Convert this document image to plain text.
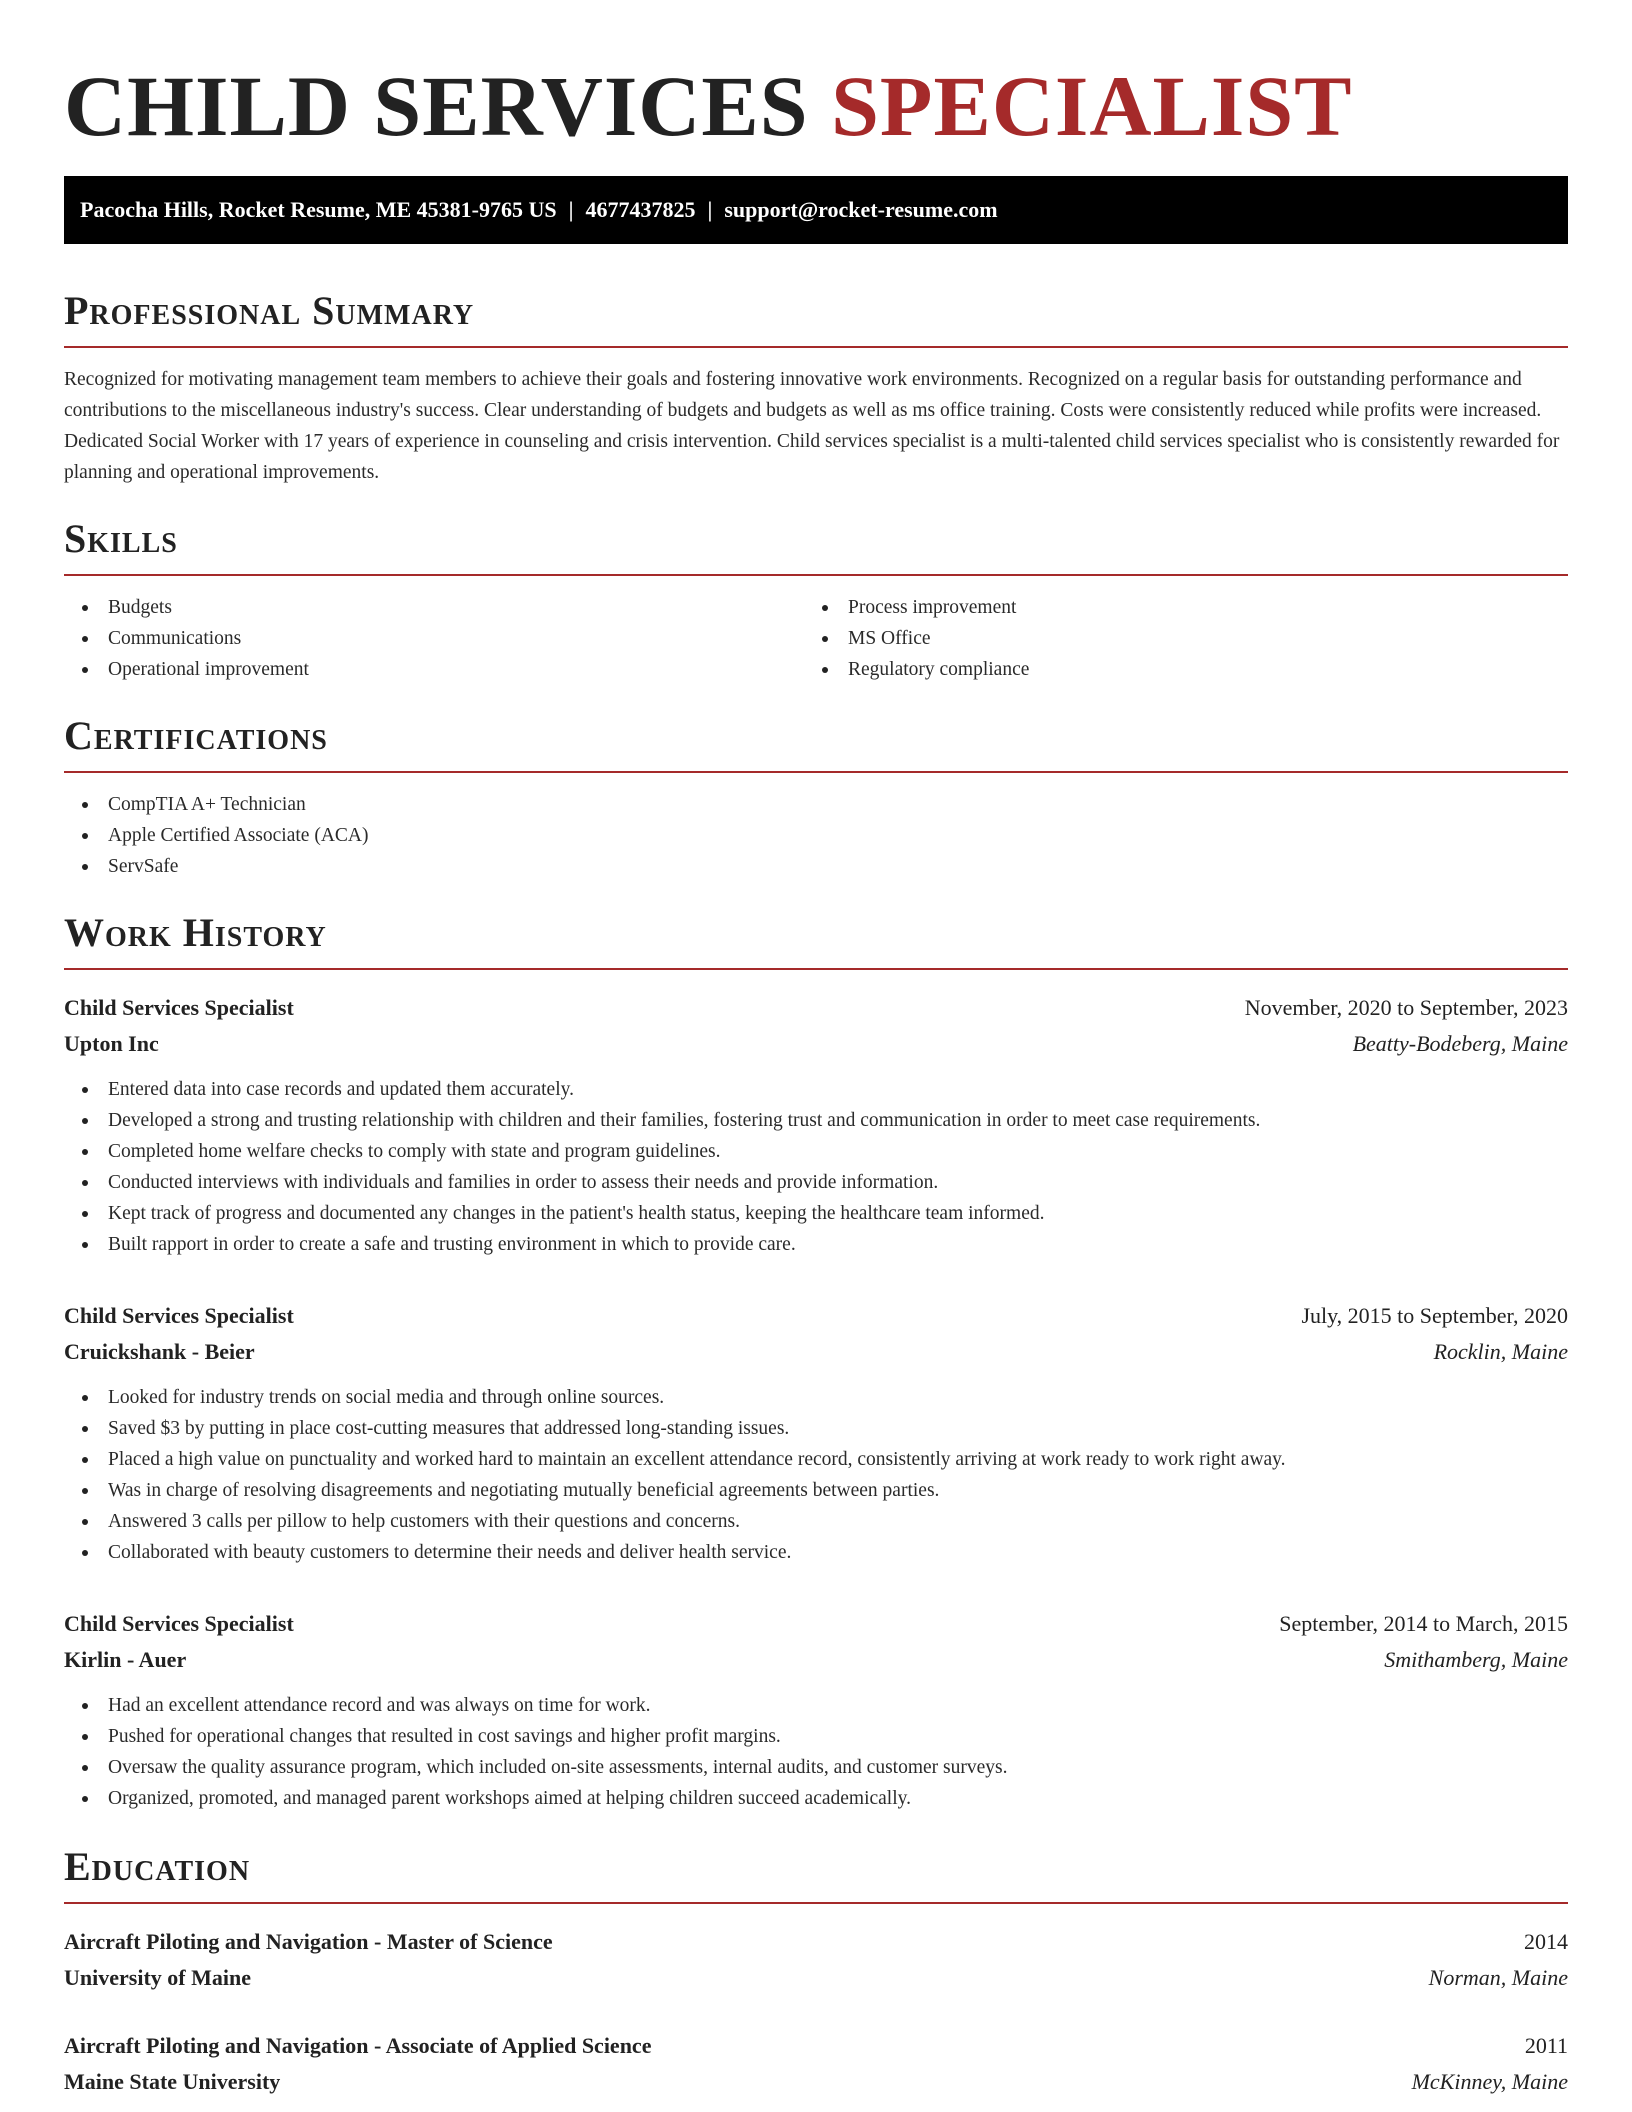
CHILD SERVICES SPECIALIST
Pacocha Hills, Rocket Resume, ME 45381-9765 US | 4677437825 | support@rocket-resume.com
Professional Summary

Recognized for motivating management team members to achieve their goals and fostering innovative work environments. Recognized on a regular basis for outstanding performance and contributions to the miscellaneous industry's success. Clear understanding of budgets and budgets as well as ms office training. Costs were consistently reduced while profits were increased. Dedicated Social Worker with 17 years of experience in counseling and crisis intervention. Child services specialist is a multi-talented child services specialist who is consistently rewarded for planning and operational improvements.

Skills
Budgets
Communications
Operational improvement
Process improvement
MS Office
Regulatory compliance
Certifications
CompTIA A+ Technician
Apple Certified Associate (ACA)
ServSafe
Work History
Child Services Specialist	November, 2020 to September, 2023
Upton Inc	Beatty-Bodeberg, Maine
Entered data into case records and updated them accurately.
Developed a strong and trusting relationship with children and their families, fostering trust and communication in order to meet case requirements.
Completed home welfare checks to comply with state and program guidelines.
Conducted interviews with individuals and families in order to assess their needs and provide information.
Kept track of progress and documented any changes in the patient's health status, keeping the healthcare team informed.
Built rapport in order to create a safe and trusting environment in which to provide care.
Child Services Specialist	July, 2015 to September, 2020
Cruickshank - Beier	Rocklin, Maine
Looked for industry trends on social media and through online sources.
Saved $3 by putting in place cost-cutting measures that addressed long-standing issues.
Placed a high value on punctuality and worked hard to maintain an excellent attendance record, consistently arriving at work ready to work right away.
Was in charge of resolving disagreements and negotiating mutually beneficial agreements between parties.
Answered 3 calls per pillow to help customers with their questions and concerns.
Collaborated with beauty customers to determine their needs and deliver health service.
Child Services Specialist	September, 2014 to March, 2015
Kirlin - Auer	Smithamberg, Maine
Had an excellent attendance record and was always on time for work.
Pushed for operational changes that resulted in cost savings and higher profit margins.
Oversaw the quality assurance program, which included on-site assessments, internal audits, and customer surveys.
Organized, promoted, and managed parent workshops aimed at helping children succeed academically.
Education
Aircraft Piloting and Navigation - Master of Science	2014
University of Maine	Norman, Maine
Aircraft Piloting and Navigation - Associate of Applied Science	2011
Maine State University	McKinney, Maine
